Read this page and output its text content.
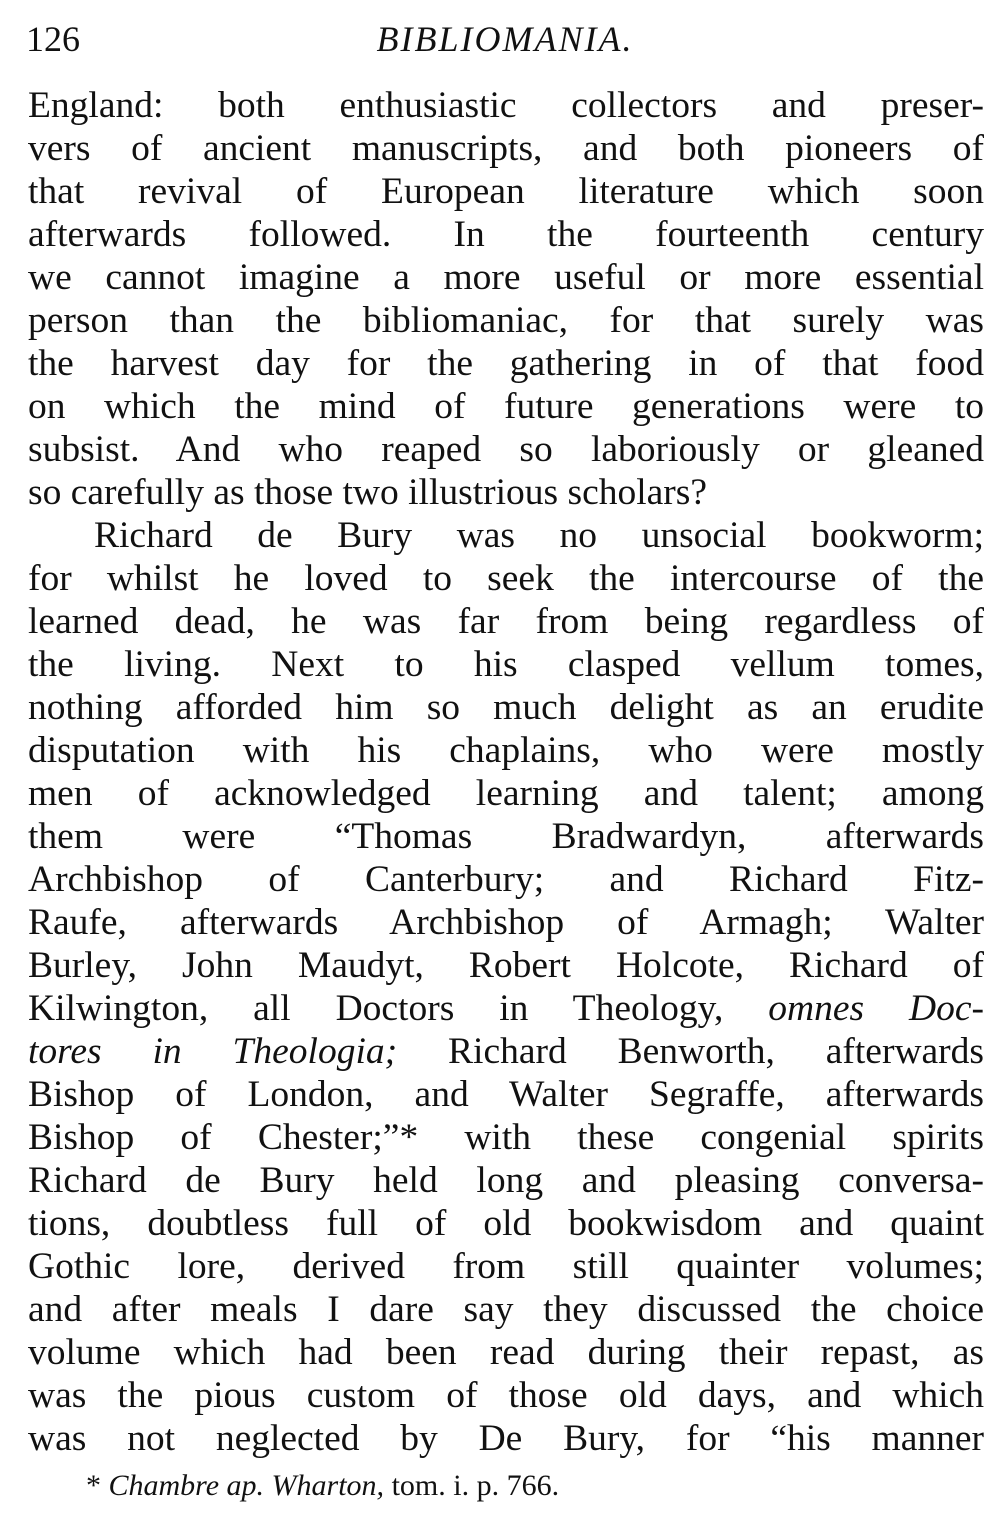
126	BIBLIOMANIA.
England: both enthusiastic collectors and preser-
vers of ancient manuscripts, and both pioneers of
that revival of European literature which soon
afterwards followed. In the fourteenth century
we cannot imagine a more useful or more essential
person than the bibliomaniac, for that surely was
the harvest day for the gathering in of that food
on which the mind of future generations were to
subsist. And who reaped so laboriously or gleaned
so carefully as those two illustrious scholars?
Richard de Bury was no unsocial bookworm;
for whilst he loved to seek the intercourse of the
learned dead, he was far from being regardless of
the living. Next to his clasped vellum tomes,
nothing afforded him so much delight as an erudite
disputation with his chaplains, who were mostly
men of acknowledged learning and talent; among
them were “Thomas Bradwardyn, afterwards
Archbishop of Canterbury; and Richard Fitz-
Raufe, afterwards Archbishop of Armagh; Walter
Burley, John Maudyt, Robert Holcote, Richard of
Kilwington, all Doctors in Theology, omnes Doc-
tores in Theologia; Richard Benworth, afterwards
Bishop of London, and Walter Segraffe, afterwards
Bishop of Chester;”* with these congenial spirits
Richard de Bury held long and pleasing conversa-
tions, doubtless full of old bookwisdom and quaint
Gothic lore, derived from still quainter volumes;
and after meals I dare say they discussed the choice
volume which had been read during their repast, as
was the pious custom of those old days, and which
was not neglected by De Bury, for “his manner
* Chambre ap. Wharton, tom. i. p. 766.
